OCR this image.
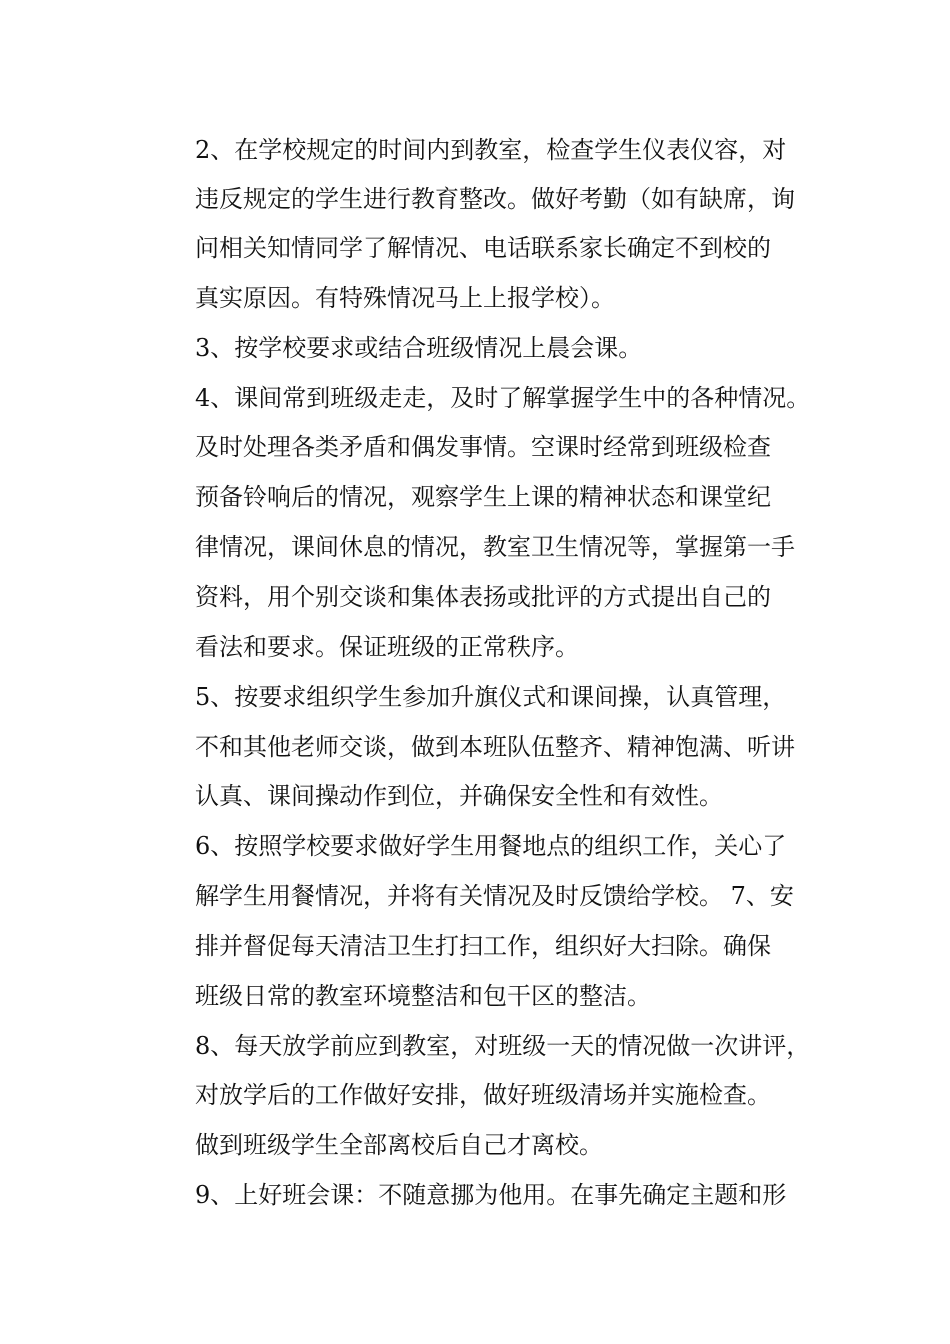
2、在学校规定的时间内到教室，检查学生仪表仪容，对
违反规定的学生进行教育整改。做好考勤（如有缺席，询
问相关知情同学了解情况、电话联系家长确定不到校的
真实原因。有特殊情况马上上报学校）。
3、按学校要求或结合班级情况上晨会课。
4、课间常到班级走走，及时了解掌握学生中的各种情况。
及时处理各类矛盾和偶发事情。空课时经常到班级检查
预备铃响后的情况，观察学生上课的精神状态和课堂纪
律情况，课间休息的情况，教室卫生情况等，掌握第一手
资料，用个别交谈和集体表扬或批评的方式提出自己的
看法和要求。保证班级的正常秩序。
5、按要求组织学生参加升旗仪式和课间操，认真管理，
不和其他老师交谈，做到本班队伍整齐、精神饱满、听讲
认真、课间操动作到位，并确保安全性和有效性。
6、按照学校要求做好学生用餐地点的组织工作，关心了
解学生用餐情况，并将有关情况及时反馈给学校。 7、安
排并督促每天清洁卫生打扫工作，组织好大扫除。确保
班级日常的教室环境整洁和包干区的整洁。
8、每天放学前应到教室，对班级一天的情况做一次讲评，
对放学后的工作做好安排，做好班级清场并实施检查。
做到班级学生全部离校后自己才离校。
9、上好班会课：不随意挪为他用。在事先确定主题和形
